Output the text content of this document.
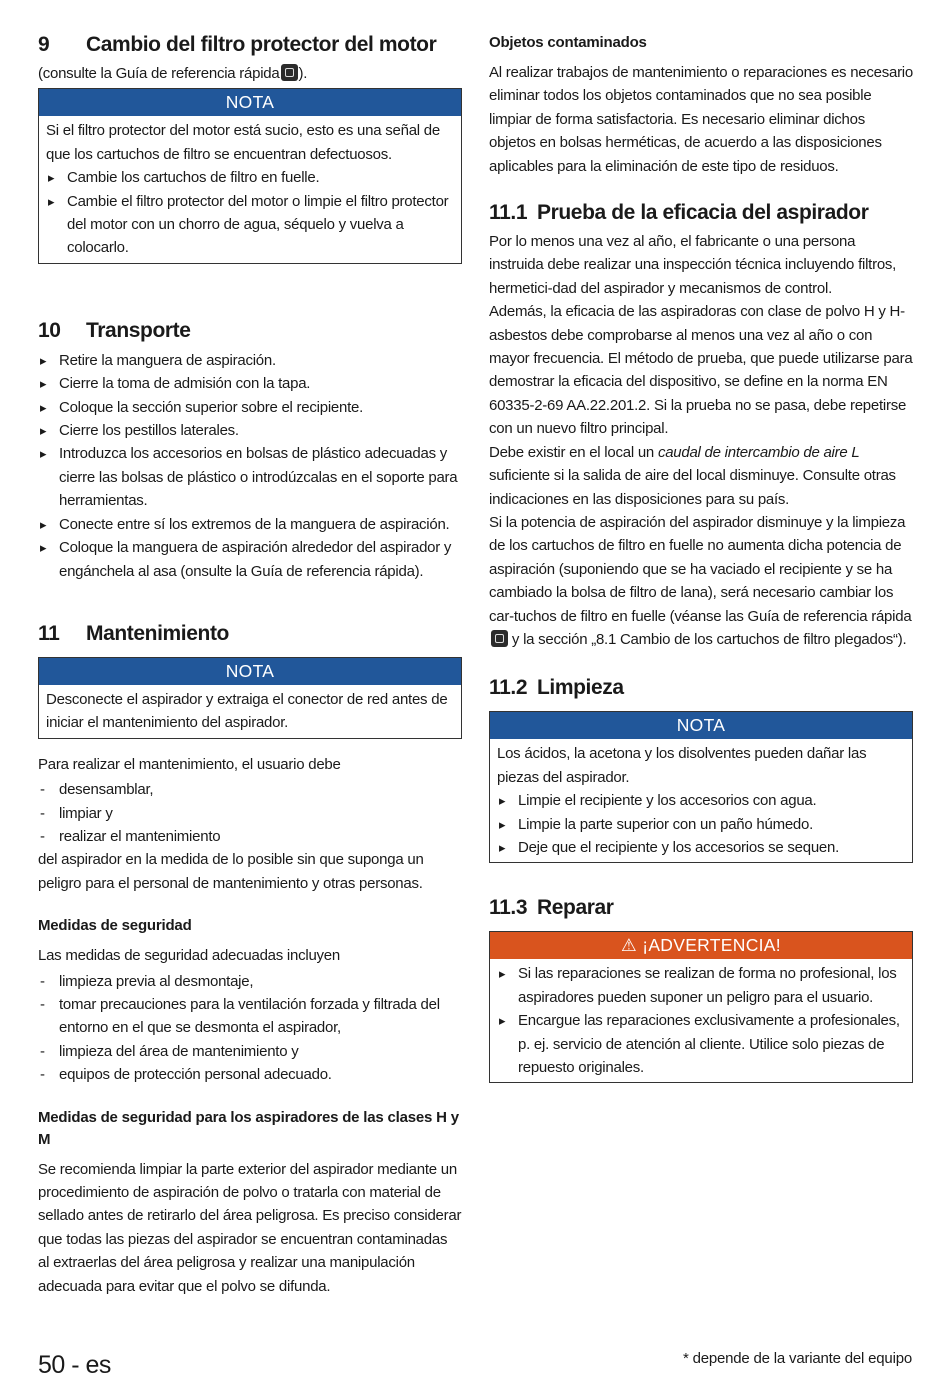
9 Cambio del filtro protector del motor

(consulte la Guía de referencia rápida ).

NOTA

Si el filtro protector del motor está sucio, esto es una señal de que los cartuchos de filtro se encuentran defectuosos.

▸ Cambie los cartuchos de filtro en fuelle.
▸ Cambie el filtro protector del motor o limpie el filtro protector del motor con un chorro de agua, séquelo y vuelva a colocarlo.
10 Transporte
▸ Retire la manguera de aspiración.
▸ Cierre la toma de admisión con la tapa.
▸ Coloque la sección superior sobre el recipiente.
▸ Cierre los pestillos laterales.
▸ Introduzca los accesorios en bolsas de plástico adecuadas y cierre las bolsas de plástico o introdúzcalas en el soporte para herramientas.
▸ Conecte entre sí los extremos de la manguera de aspiración.
▸ Coloque la manguera de aspiración alrededor del aspirador y engánchela al asa (onsulte la Guía de referencia rápida).
11 Mantenimiento
NOTA

Desconecte el aspirador y extraiga el conector de red antes de iniciar el mantenimiento del aspirador.

Para realizar el mantenimiento, el usuario debe

- desensamblar,
- limpiar y
- realizar el mantenimiento

del aspirador en la medida de lo posible sin que suponga un peligro para el personal de mantenimiento y otras personas.

Medidas de seguridad

Las medidas de seguridad adecuadas incluyen

- limpieza previa al desmontaje,
- tomar precauciones para la ventilación forzada y filtrada del entorno en el que se desmonta el aspirador,
- limpieza del área de mantenimiento y
- equipos de protección personal adecuado.
Medidas de seguridad para los aspiradores de las clases H y M

Se recomienda limpiar la parte exterior del aspirador mediante un procedimiento de aspiración de polvo o tratarla con material de sellado antes de retirarlo del área peligrosa. Es preciso considerar que todas las piezas del aspirador se encuentran contaminadas al extraerlas del área peligrosa y realizar una manipulación adecuada para evitar que el polvo se difunda.

Objetos contaminados

Al realizar trabajos de mantenimiento o reparaciones es necesario eliminar todos los objetos contaminados que no sea posible limpiar de forma satisfactoria. Es necesario eliminar dichos objetos en bolsas herméticas, de acuerdo a las disposiciones aplicables para la eliminación de este tipo de residuos.

11.1 Prueba de la eficacia del aspirador

Por lo menos una vez al año, el fabricante o una persona instruida debe realizar una inspección técnica incluyendo filtros, hermetici-dad del aspirador y mecanismos de control.

Además, la eficacia de las aspiradoras con clase de polvo H y H-asbestos debe comprobarse al menos una vez al año o con mayor frecuencia. El método de prueba, que puede utilizarse para demostrar la eficacia del dispositivo, se define en la norma EN 60335-2-69 AA.22.201.2. Si la prueba no se pasa, debe repetirse con un nuevo filtro principal.

Debe existir en el local un caudal de intercambio de aire L suficiente si la salida de aire del local disminuye. Consulte otras indicaciones en las disposiciones para su país.

Si la potencia de aspiración del aspirador disminuye y la limpieza de los cartuchos de filtro en fuelle no aumenta dicha potencia de aspiración (suponiendo que se ha vaciado el recipiente y se ha cambiado la bolsa de filtro de lana), será necesario cambiar los car-tuchos de filtro en fuelle (véanse las Guía de referencia rápida y la sección „8.1 Cambio de los cartuchos de filtro plegados“).

11.2 Limpieza
NOTA

Los ácidos, la acetona y los disolventes pueden dañar las piezas del aspirador.

▸ Limpie el recipiente y los accesorios con agua.
▸ Limpie la parte superior con un paño húmedo.
▸ Deje que el recipiente y los accesorios se sequen.
11.3 Reparar
⚠ ¡ADVERTENCIA!
▸ Si las reparaciones se realizan de forma no profesional, los aspiradores pueden suponer un peligro para el usuario.
▸ Encargue las reparaciones exclusivamente a profesionales, p. ej. servicio de atención al cliente. Utilice solo piezas de repuesto originales.
50 - es	* depende de la variante del equipo
